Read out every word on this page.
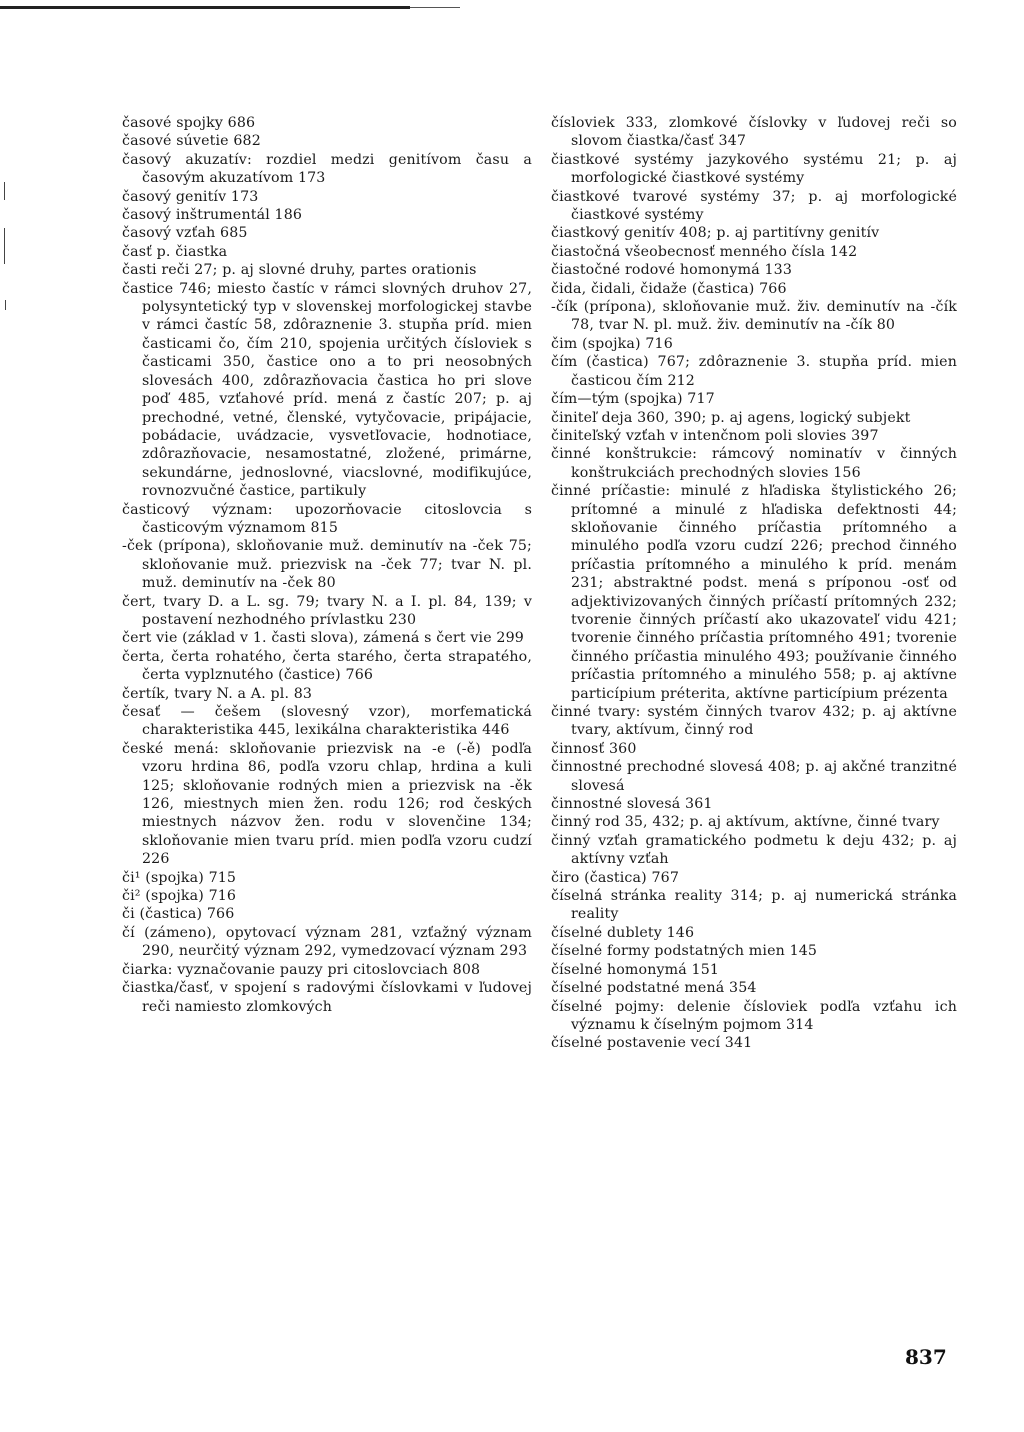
časové spojky 686

časové súvetie 682

časový akuzatív: rozdiel medzi genitívom času a časovým akuzatívom 173

časový genitív 173

časový inštrumentál 186

časový vzťah 685

časť p. čiastka

časti reči 27; p. aj slovné druhy, partes orationis

častice 746; miesto častíc v rámci slovných druhov 27, polysyntetický typ v slovenskej morfologickej stavbe v rámci častíc 58, zdôraznenie 3. stupňa príd. mien časticami čo, čím 210, spojenia určitých čísloviek s časticami 350, častice ono a to pri neosobných slovesách 400, zdôrazňovacia častica ho pri slove poď 485, vzťahové príd. mená z častíc 207; p. aj prechodné, vetné, členské, vytyčovacie, pripájacie, pobádacie, uvádzacie, vysvetľovacie, hodnotiace, zdôrazňovacie, nesamostatné, zložené, primárne, sekundárne, jednoslovné, viacslovné, modifikujúce, rovnozvučné častice, partikuly

časticový význam: upozorňovacie citoslovcia s časticovým významom 815

-ček (prípona), skloňovanie muž. deminutív na -ček 75; skloňovanie muž. priezvisk na -ček 77; tvar N. pl. muž. deminutív na -ček 80

čert, tvary D. a L. sg. 79; tvary N. a I. pl. 84, 139; v postavení nezhodného prívlastku 230

čert vie (základ v 1. časti slova), zámená s čert vie 299

čerta, čerta rohatého, čerta starého, čerta strapatého, čerta vyplznutého (častice) 766

čertík, tvary N. a A. pl. 83

česať — češem (slovesný vzor), morfematická charakteristika 445, lexikálna charakteristika 446

české mená: skloňovanie priezvisk na -e (-ě) podľa vzoru hrdina 86, podľa vzoru chlap, hrdina a kuli 125; skloňovanie rodných mien a priezvisk na -ěk 126, miestnych mien žen. rodu 126; rod českých miestnych názvov žen. rodu v slovenčine 134; skloňovanie mien tvaru príd. mien podľa vzoru cudzí 226

či¹ (spojka) 715

či² (spojka) 716

či (častica) 766

čí (zámeno), opytovací význam 281, vzťažný význam 290, neurčitý význam 292, vymedzovací význam 293

čiarka: vyznačovanie pauzy pri citoslovciach 808

čiastka/časť, v spojení s radovými číslovkami v ľudovej reči namiesto zlomkových

čísloviek 333, zlomkové číslovky v ľudovej reči so slovom čiastka/časť 347

čiastkové systémy jazykového systému 21; p. aj morfologické čiastkové systémy

čiastkové tvarové systémy 37; p. aj morfologické čiastkové systémy

čiastkový genitív 408; p. aj partitívny genitív

čiastočná všeobecnosť menného čísla 142

čiastočné rodové homonymá 133

čida, čidali, čidaže (častica) 766

-čík (prípona), skloňovanie muž. živ. deminutív na -čík 78, tvar N. pl. muž. živ. deminutív na -čík 80

čim (spojka) 716

čím (častica) 767; zdôraznenie 3. stupňa príd. mien časticou čím 212

čím—tým (spojka) 717

činiteľ deja 360, 390; p. aj agens, logický subjekt

činiteľský vzťah v intenčnom poli slovies 397

činné konštrukcie: rámcový nominatív v činných konštrukciách prechodných slovies 156

činné príčastie: minulé z hľadiska štylistického 26; prítomné a minulé z hľadiska defektnosti 44; skloňovanie činného príčastia prítomného a minulého podľa vzoru cudzí 226; prechod činného príčastia prítomného a minulého k príd. menám 231; abstraktné podst. mená s príponou -osť od adjektivizovaných činných príčastí prítomných 232; tvorenie činných príčastí ako ukazovateľ vidu 421; tvorenie činného príčastia prítomného 491; tvorenie činného príčastia minulého 493; používanie činného príčastia prítomného a minulého 558; p. aj aktívne particípium préterita, aktívne particípium prézenta

činné tvary: systém činných tvarov 432; p. aj aktívne tvary, aktívum, činný rod

činnosť 360

činnostné prechodné slovesá 408; p. aj akčné tranzitné slovesá

činnostné slovesá 361

činný rod 35, 432; p. aj aktívum, aktívne, činné tvary

činný vzťah gramatického podmetu k deju 432; p. aj aktívny vzťah

čiro (častica) 767

číselná stránka reality 314; p. aj numerická stránka reality

číselné dublety 146

číselné formy podstatných mien 145

číselné homonymá 151

číselné podstatné mená 354

číselné pojmy: delenie čísloviek podľa vzťahu ich významu k číselným pojmom 314

číselné postavenie vecí 341

837
